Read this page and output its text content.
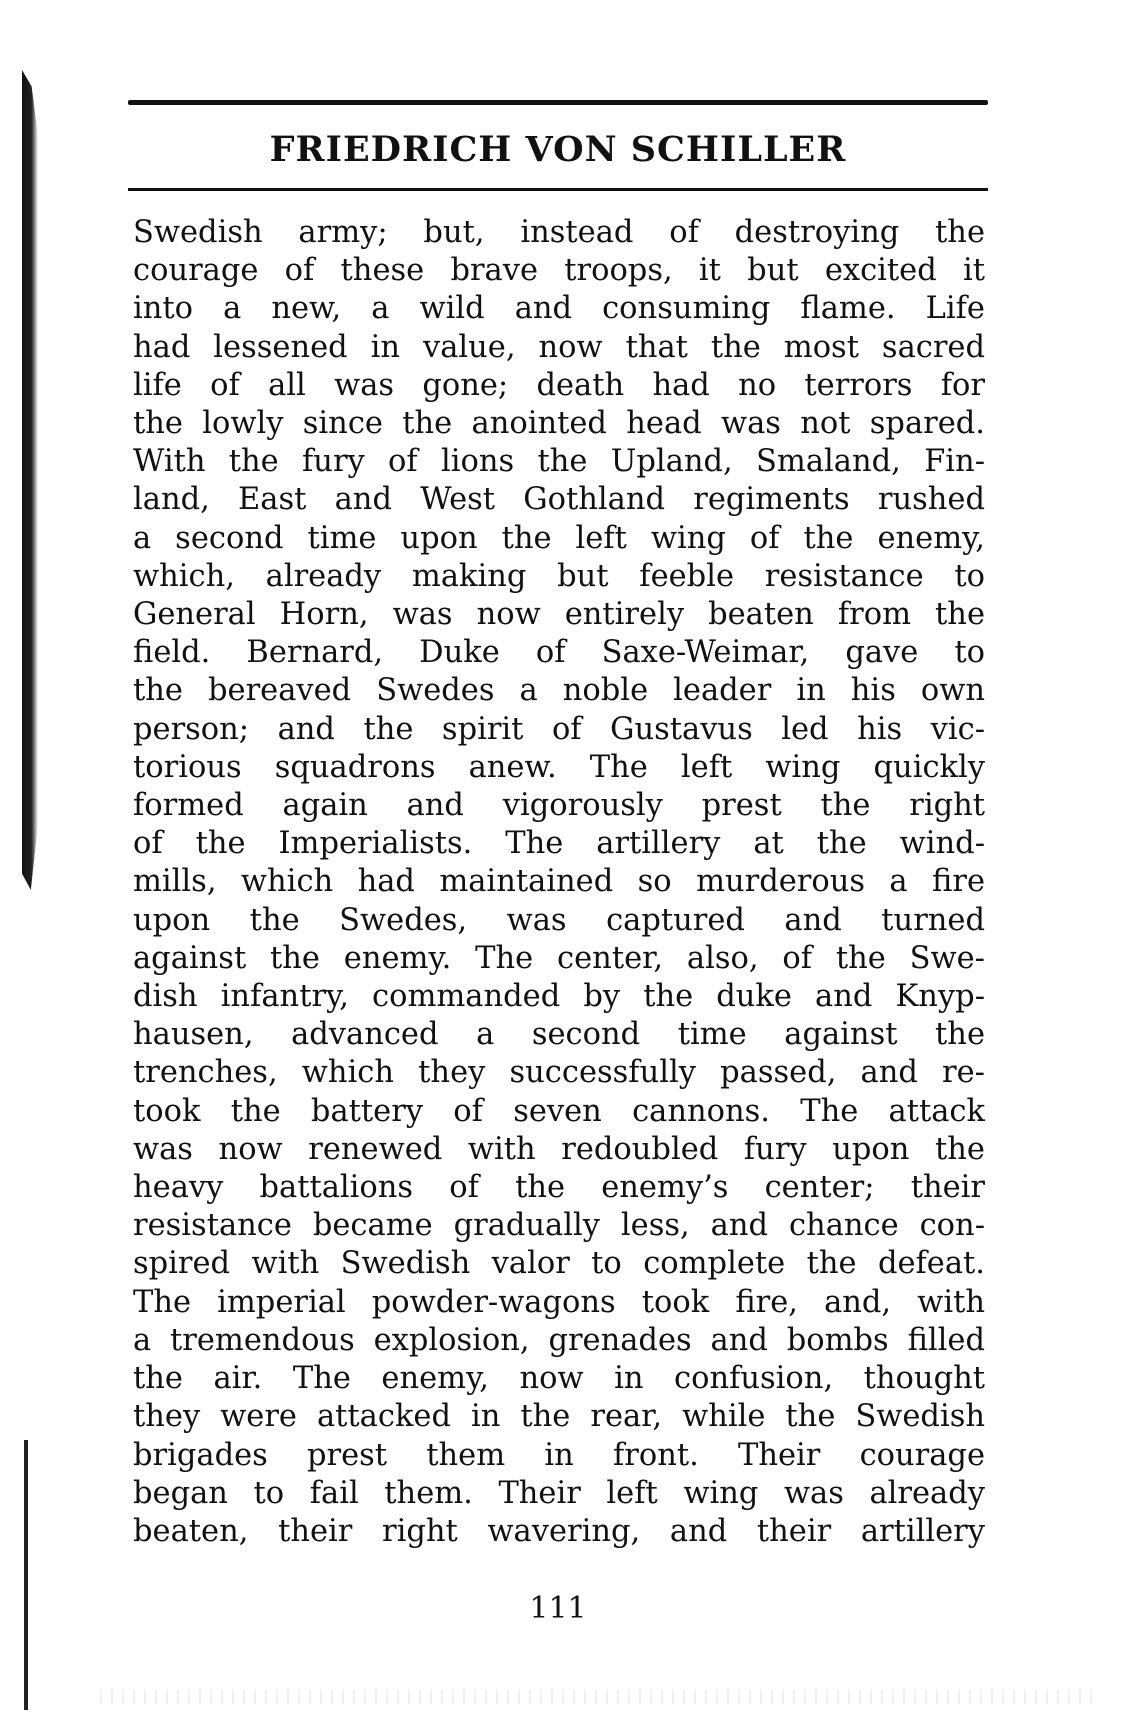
FRIEDRICH VON SCHILLER
Swedish army; but, instead of destroying the
courage of these brave troops, it but excited it
into a new, a wild and consuming flame. Life
had lessened in value, now that the most sacred
life of all was gone; death had no terrors for
the lowly since the anointed head was not spared.
With the fury of lions the Upland, Smaland, Fin-
land, East and West Gothland regiments rushed
a second time upon the left wing of the enemy,
which, already making but feeble resistance to
General Horn, was now entirely beaten from the
field. Bernard, Duke of Saxe-Weimar, gave to
the bereaved Swedes a noble leader in his own
person; and the spirit of Gustavus led his vic-
torious squadrons anew. The left wing quickly
formed again and vigorously prest the right
of the Imperialists. The artillery at the wind-
mills, which had maintained so murderous a fire
upon the Swedes, was captured and turned
against the enemy. The center, also, of the Swe-
dish infantry, commanded by the duke and Knyp-
hausen, advanced a second time against the
trenches, which they successfully passed, and re-
took the battery of seven cannons. The attack
was now renewed with redoubled fury upon the
heavy battalions of the enemy’s center; their
resistance became gradually less, and chance con-
spired with Swedish valor to complete the defeat.
The imperial powder-wagons took fire, and, with
a tremendous explosion, grenades and bombs filled
the air. The enemy, now in confusion, thought
they were attacked in the rear, while the Swedish
brigades prest them in front. Their courage
began to fail them. Their left wing was already
beaten, their right wavering, and their artillery
111
